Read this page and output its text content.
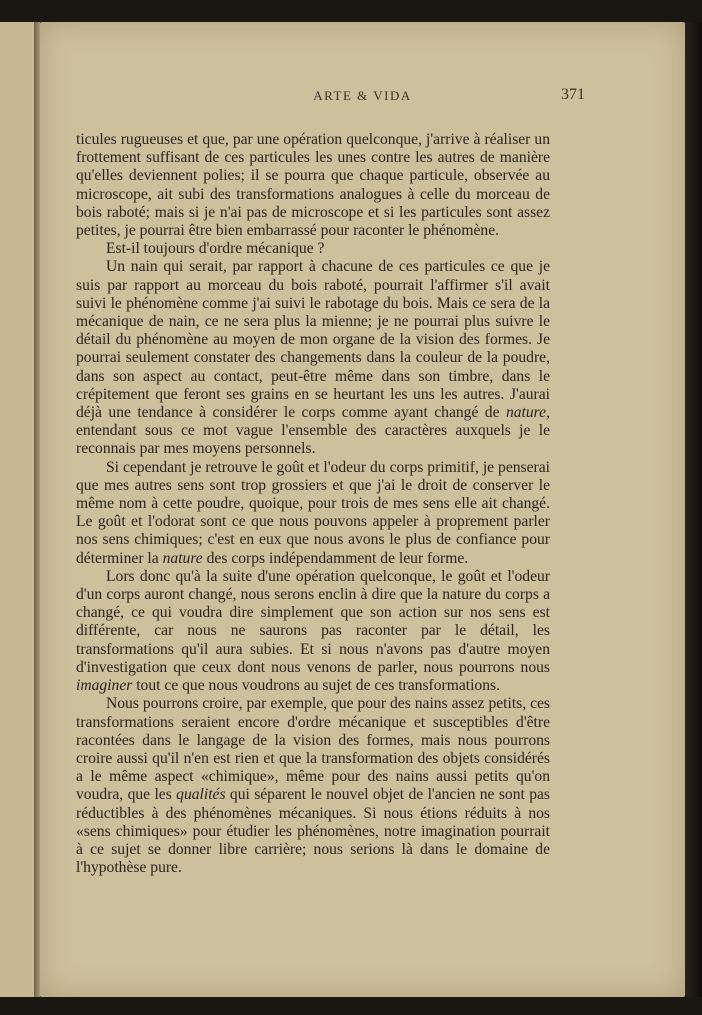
ARTE & VIDA	371

ticules rugueuses et que, par une opération quelconque, j'arrive à réaliser un frottement suffisant de ces particules les unes contre les autres de manière qu'elles deviennent polies; il se pourra que chaque particule, observée au microscope, ait subi des transformations analogues à celle du morceau de bois raboté; mais si je n'ai pas de microscope et si les particules sont assez petites, je pourrai être bien embarrassé pour raconter le phénomène.

Est-il toujours d'ordre mécanique ?

Un nain qui serait, par rapport à chacune de ces particules ce que je suis par rapport au morceau du bois raboté, pourrait l'affirmer s'il avait suivi le phénomène comme j'ai suivi le rabotage du bois. Mais ce sera de la mécanique de nain, ce ne sera plus la mienne; je ne pourrai plus suivre le détail du phénomène au moyen de mon organe de la vision des formes. Je pourrai seulement constater des changements dans la couleur de la poudre, dans son aspect au contact, peut-être même dans son timbre, dans le crépitement que feront ses grains en se heurtant les uns les autres. J'aurai déjà une tendance à considérer le corps comme ayant changé de nature, entendant sous ce mot vague l'ensemble des caractères auxquels je le reconnais par mes moyens personnels.

Si cependant je retrouve le goût et l'odeur du corps primitif, je penserai que mes autres sens sont trop grossiers et que j'ai le droit de conserver le même nom à cette poudre, quoique, pour trois de mes sens elle ait changé. Le goût et l'odorat sont ce que nous pouvons appeler à proprement parler nos sens chimiques; c'est en eux que nous avons le plus de confiance pour déterminer la nature des corps indépendamment de leur forme.

Lors donc qu'à la suite d'une opération quelconque, le goût et l'odeur d'un corps auront changé, nous serons enclin à dire que la nature du corps a changé, ce qui voudra dire simplement que son action sur nos sens est différente, car nous ne saurons pas raconter par le détail, les transformations qu'il aura subies. Et si nous n'avons pas d'autre moyen d'investigation que ceux dont nous venons de parler, nous pourrons nous imaginer tout ce que nous voudrons au sujet de ces transformations.

Nous pourrons croire, par exemple, que pour des nains assez petits, ces transformations seraient encore d'ordre mécanique et susceptibles d'être racontées dans le langage de la vision des formes, mais nous pourrons croire aussi qu'il n'en est rien et que la transformation des objets considérés a le même aspect «chimique», même pour des nains aussi petits qu'on voudra, que les qualités qui séparent le nouvel objet de l'ancien ne sont pas réductibles à des phénomènes mécaniques. Si nous étions réduits à nos «sens chimiques» pour étudier les phénomènes, notre imagination pourrait à ce sujet se donner libre carrière; nous serions là dans le domaine de l'hypothèse pure.
